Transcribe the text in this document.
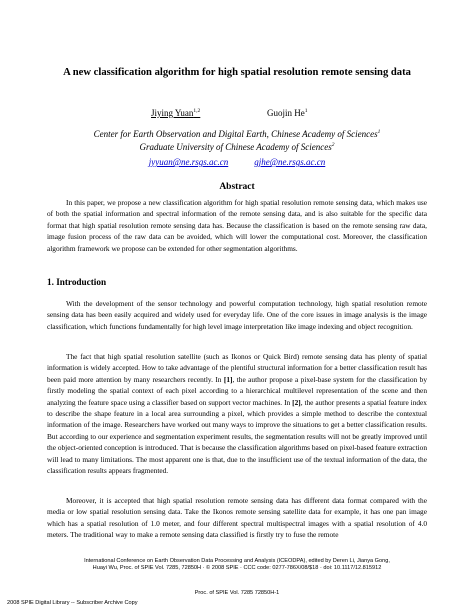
A new classification algorithm for high spatial resolution remote sensing data
Jiying Yuan$^{1,2}$	Guojin He$^1$
Center for Earth Observation and Digital Earth, Chinese Academy of Sciences$^1$
Graduate University of Chinese Academy of Sciences$^2$
jyyuan@ne.rsgs.ac.cn	gjhe@ne.rsgs.ac.cn
Abstract
In this paper, we propose a new classification algorithm for high spatial resolution remote sensing data, which makes use of both the spatial information and spectral information of the remote sensing data, and is also suitable for the specific data format that high spatial resolution remote sensing data has. Because the classification is based on the remote sensing raw data, image fusion process of the raw data can be avoided, which will lower the computational cost. Moreover, the classification algorithm framework we propose can be extended for other segmentation algorithms.
1. Introduction
With the development of the sensor technology and powerful computation technology, high spatial resolution remote sensing data has been easily acquired and widely used for everyday life. One of the core issues in image analysis is the image classification, which functions fundamentally for high level image interpretation like image indexing and object recognition.
The fact that high spatial resolution satellite (such as Ikonos or Quick Bird) remote sensing data has plenty of spatial information is widely accepted. How to take advantage of the plentiful structural information for a better classification result has been paid more attention by many researchers recently. In [1], the author propose a pixel-base system for the classification by firstly modeling the spatial context of each pixel according to a hierarchical multilevel representation of the scene and then analyzing the feature space using a classifier based on support vector machines. In [2], the author presents a spatial feature index to describe the shape feature in a local area surrounding a pixel, which provides a simple method to describe the contextual information of the image. Researchers have worked out many ways to improve the situations to get a better classification results. But according to our experience and segmentation experiment results, the segmentation results will not be greatly improved until the object-oriented conception is introduced. That is because the classification algorithms based on pixel-based feature extraction will lead to many limitations. The most apparent one is that, due to the insufficient use of the textual information of the data, the classification results appears fragmented.
Moreover, it is accepted that high spatial resolution remote sensing data has different data format compared with the media or low spatial resolution sensing data. Take the Ikonos remote sensing satellite data for example, it has one pan image which has a spatial resolution of 1.0 meter, and four different spectral multispectral images with a spatial resolution of 4.0 meters. The traditional way to make a remote sensing data classified is firstly try to fuse the remote
International Conference on Earth Observation Data Processing and Analysis (ICEODPA), edited by Deren Li, Jianya Gong,
Huayi Wu, Proc. of SPIE Vol. 7285, 72850H · © 2008 SPIE · CCC code: 0277-786X/08/$18 · doi: 10.1117/12.815912
Proc. of SPIE Vol. 7285 72850H-1
2008 SPIE Digital Library -- Subscriber Archive Copy
